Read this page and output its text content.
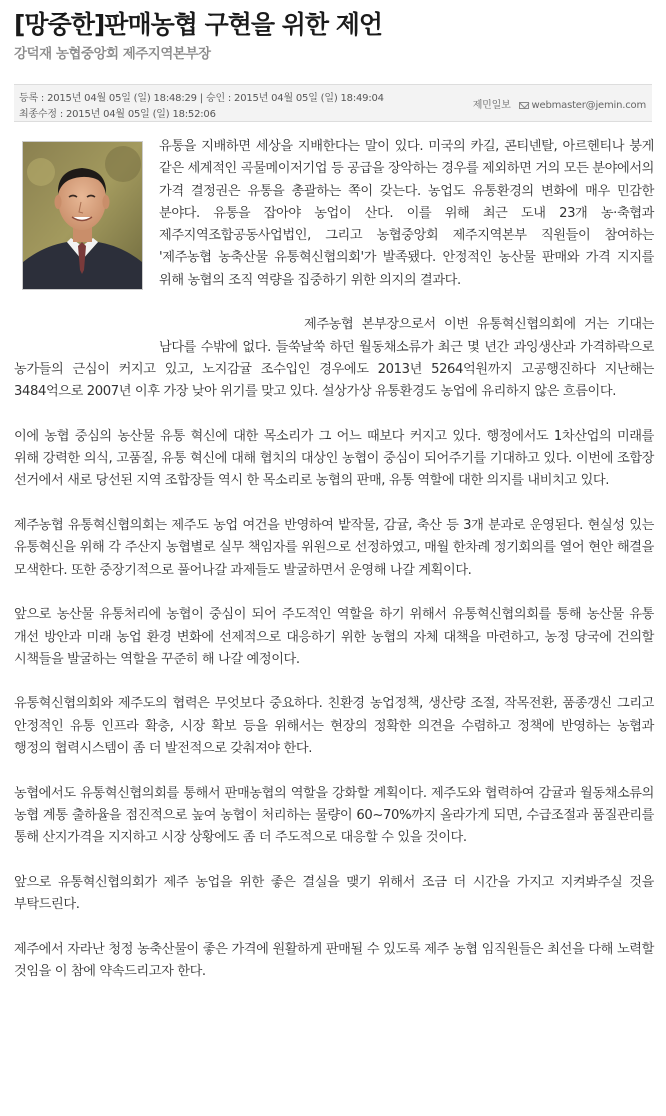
[망중한]판매농협 구현을 위한 제언
강덕재 농협중앙회 제주지역본부장
등록 : 2015년 04월 05일 (일) 18:48:29 | 승인 : 2015년 04월 05일 (일) 18:49:04
최종수정 : 2015년 04월 05일 (일) 18:52:06
제민일보 webmaster@jemin.com

유통을 지배하면 세상을 지배한다는 말이 있다. 미국의 카길, 콘티넨탈, 아르헨티나 붕게 같은 세계적인 곡물메이저기업 등 공급을 장악하는 경우를 제외하면 거의 모든 분야에서의 가격 결정권은 유통을 총괄하는 쪽이 갖는다. 농업도 유통환경의 변화에 매우 민감한 분야다. 유통을 잡아야 농업이 산다. 이를 위해 최근 도내 23개 농·축협과 제주지역조합공동사업법인, 그리고 농협중앙회 제주지역본부 직원들이 참여하는 '제주농협 농축산물 유통혁신협의회'가 발족됐다. 안정적인 농산물 판매와 가격 지지를 위해 농협의 조직 역량을 집중하기 위한 의지의 결과다.

제주농협 본부장으로서 이번 유통혁신협의회에 거는 기대는 남다를 수밖에 없다. 들쑥날쑥 하던 월동채소류가 최근 몇 년간 과잉생산과 가격하락으로 농가들의 근심이 커지고 있고, 노지감귤 조수입인 경우에도 2013년 5264억원까지 고공행진하다 지난해는 3484억으로 2007년 이후 가장 낮아 위기를 맞고 있다. 설상가상 유통환경도 농업에 유리하지 않은 흐름이다.

이에 농협 중심의 농산물 유통 혁신에 대한 목소리가 그 어느 때보다 커지고 있다. 행정에서도 1차산업의 미래를 위해 강력한 의식, 고품질, 유통 혁신에 대해 협치의 대상인 농협이 중심이 되어주기를 기대하고 있다. 이번에 조합장 선거에서 새로 당선된 지역 조합장들 역시 한 목소리로 농협의 판매, 유통 역할에 대한 의지를 내비치고 있다.

제주농협 유통혁신협의회는 제주도 농업 여건을 반영하여 밭작물, 감귤, 축산 등 3개 분과로 운영된다. 현실성 있는 유통혁신을 위해 각 주산지 농협별로 실무 책임자를 위원으로 선정하였고, 매월 한차례 정기회의를 열어 현안 해결을 모색한다. 또한 중장기적으로 풀어나갈 과제들도 발굴하면서 운영해 나갈 계획이다.

앞으로 농산물 유통처리에 농협이 중심이 되어 주도적인 역할을 하기 위해서 유통혁신협의회를 통해 농산물 유통 개선 방안과 미래 농업 환경 변화에 선제적으로 대응하기 위한 농협의 자체 대책을 마련하고, 농정 당국에 건의할 시책들을 발굴하는 역할을 꾸준히 해 나갈 예정이다.

유통혁신협의회와 제주도의 협력은 무엇보다 중요하다. 친환경 농업정책, 생산량 조절, 작목전환, 품종갱신 그리고 안정적인 유통 인프라 확충, 시장 확보 등을 위해서는 현장의 정확한 의견을 수렴하고 정책에 반영하는 농협과 행정의 협력시스템이 좀 더 발전적으로 갖춰져야 한다.

농협에서도 유통혁신협의회를 통해서 판매농협의 역할을 강화할 계획이다. 제주도와 협력하여 감귤과 월동채소류의 농협 계통 출하율을 점진적으로 높여 농협이 처리하는 물량이 60~70%까지 올라가게 되면, 수급조절과 품질관리를 통해 산지가격을 지지하고 시장 상황에도 좀 더 주도적으로 대응할 수 있을 것이다.

앞으로 유통혁신협의회가 제주 농업을 위한 좋은 결실을 맺기 위해서 조금 더 시간을 가지고 지켜봐주실 것을 부탁드린다.

제주에서 자라난 청정 농축산물이 좋은 가격에 원활하게 판매될 수 있도록 제주 농협 임직원들은 최선을 다해 노력할 것임을 이 참에 약속드리고자 한다.
